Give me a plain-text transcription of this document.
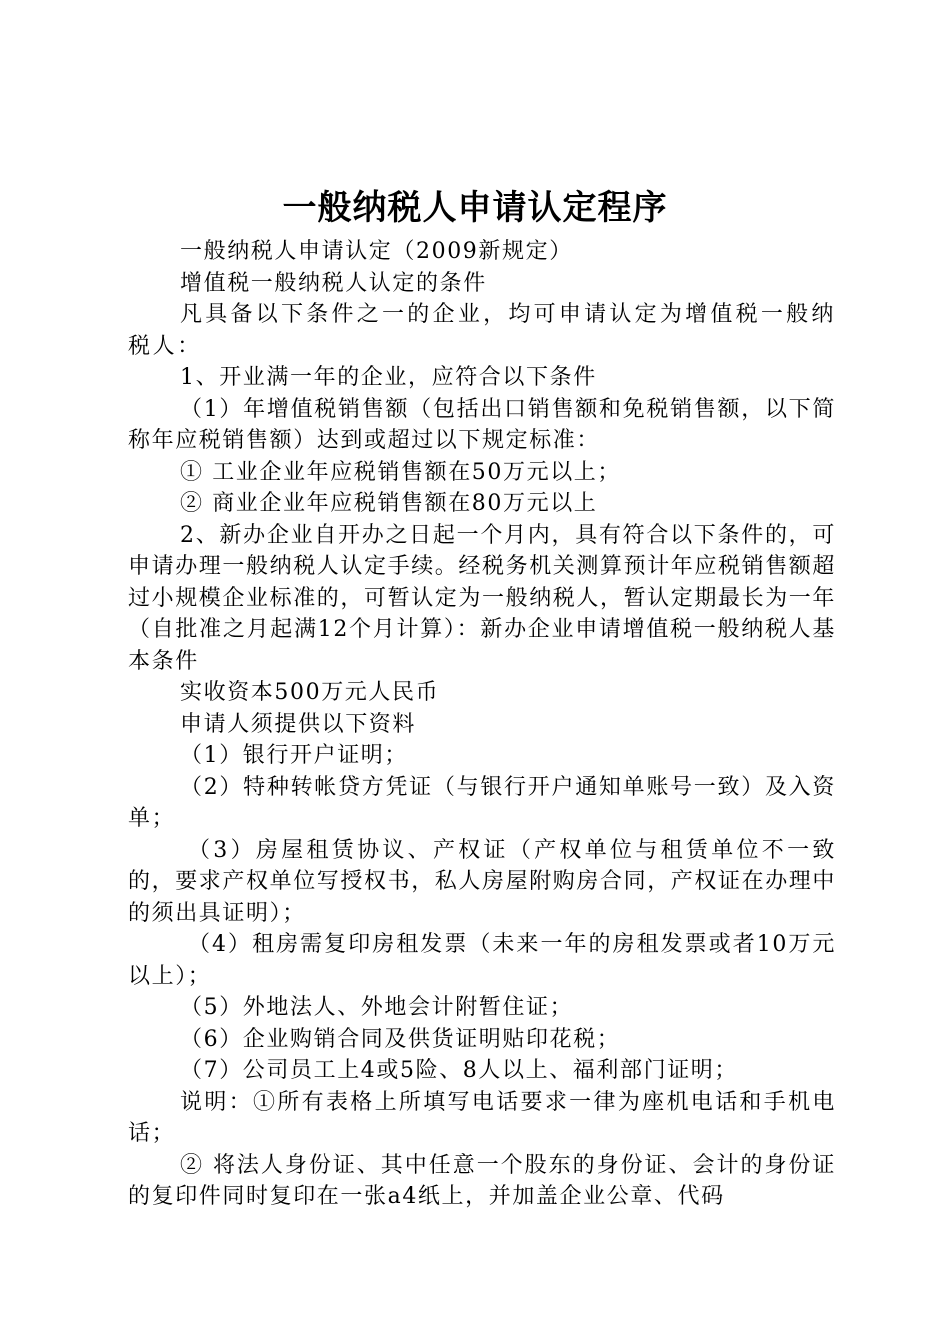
一般纳税人申请认定程序

一般纳税人申请认定（2009新规定）

增值税一般纳税人认定的条件

凡具备以下条件之一的企业，均可申请认定为增值税一般纳税人：

1、开业满一年的企业，应符合以下条件

（1）年增值税销售额（包括出口销售额和免税销售额，以下简称年应税销售额）达到或超过以下规定标准：

① 工业企业年应税销售额在50万元以上；

② 商业企业年应税销售额在80万元以上

2、新办企业自开办之日起一个月内，具有符合以下条件的，可申请办理一般纳税人认定手续。经税务机关测算预计年应税销售额超过小规模企业标准的，可暂认定为一般纳税人，暂认定期最长为一年（自批准之月起满12个月计算）：新办企业申请增值税一般纳税人基本条件

实收资本500万元人民币

申请人须提供以下资料

（1）银行开户证明；

（2）特种转帐贷方凭证（与银行开户通知单账号一致）及入资单；

（3）房屋租赁协议、产权证（产权单位与租赁单位不一致的，要求产权单位写授权书，私人房屋附购房合同，产权证在办理中的须出具证明）；

（4）租房需复印房租发票（未来一年的房租发票或者10万元以上）；

（5）外地法人、外地会计附暂住证；

（6）企业购销合同及供货证明贴印花税；

（7）公司员工上4或5险、8人以上、福利部门证明；

说明：①所有表格上所填写电话要求一律为座机电话和手机电话；

② 将法人身份证、其中任意一个股东的身份证、会计的身份证的复印件同时复印在一张a4纸上，并加盖企业公章、代码
